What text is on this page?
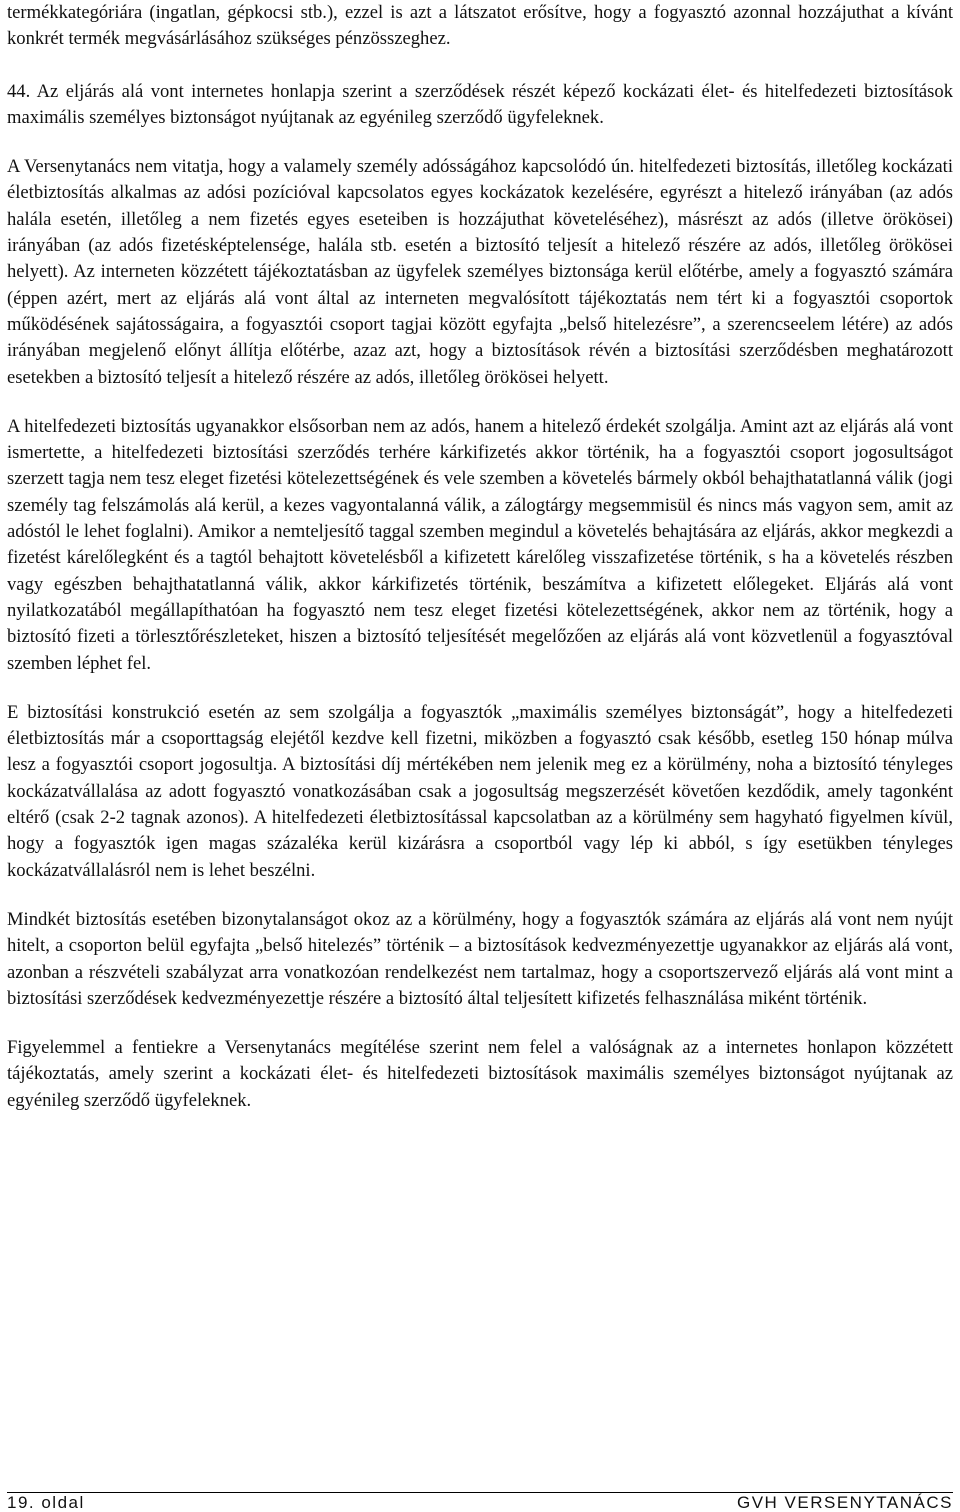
termékkategóriára (ingatlan, gépkocsi stb.), ezzel is azt a látszatot erősítve, hogy a fogyasztó azonnal hozzájuthat a kívánt konkrét termék megvásárlásához szükséges pénzösszeghez.

44. Az eljárás alá vont internetes honlapja szerint a szerződések részét képező kockázati élet- és hitelfedezeti biztosítások maximális személyes biztonságot nyújtanak az egyénileg szerződő ügyfeleknek.

A Versenytanács nem vitatja, hogy a valamely személy adósságához kapcsolódó ún. hitelfedezeti biztosítás, illetőleg kockázati életbiztosítás alkalmas az adósi pozícióval kapcsolatos egyes kockázatok kezelésére, egyrészt a hitelező irányában (az adós halála esetén, illetőleg a nem fizetés egyes eseteiben is hozzájuthat követeléséhez), másrészt az adós (illetve örökösei) irányában (az adós fizetésképtelensége, halála stb. esetén a biztosító teljesít a hitelező részére az adós, illetőleg örökösei helyett). Az interneten közzétett tájékoztatásban az ügyfelek személyes biztonsága kerül előtérbe, amely a fogyasztó számára (éppen azért, mert az eljárás alá vont által az interneten megvalósított tájékoztatás nem tért ki a fogyasztói csoportok működésének sajátosságaira, a fogyasztói csoport tagjai között egyfajta „belső hitelezésre”, a szerencseelem létére) az adós irányában megjelenő előnyt állítja előtérbe, azaz azt, hogy a biztosítások révén a biztosítási szerződésben meghatározott esetekben a biztosító teljesít a hitelező részére az adós, illetőleg örökösei helyett.

A hitelfedezeti biztosítás ugyanakkor elsősorban nem az adós, hanem a hitelező érdekét szolgálja. Amint azt az eljárás alá vont ismertette, a hitelfedezeti biztosítási szerződés terhére kárkifizetés akkor történik, ha a fogyasztói csoport jogosultságot szerzett tagja nem tesz eleget fizetési kötelezettségének és vele szemben a követelés bármely okból behajthatatlanná válik (jogi személy tag felszámolás alá kerül, a kezes vagyontalanná válik, a zálogtárgy megsemmisül és nincs más vagyon sem, amit az adóstól le lehet foglalni). Amikor a nemteljesítő taggal szemben megindul a követelés behajtására az eljárás, akkor megkezdi a fizetést kárelőlegként és a tagtól behajtott követelésből a kifizetett kárelőleg visszafizetése történik, s ha a követelés részben vagy egészben behajthatatlanná válik, akkor kárkifizetés történik, beszámítva a kifizetett előlegeket. Eljárás alá vont nyilatkozatából megállapíthatóan ha fogyasztó nem tesz eleget fizetési kötelezettségének, akkor nem az történik, hogy a biztosító fizeti a törlesztőrészleteket, hiszen a biztosító teljesítését megelőzően az eljárás alá vont közvetlenül a fogyasztóval szemben léphet fel.

E biztosítási konstrukció esetén az sem szolgálja a fogyasztók „maximális személyes biztonságát”, hogy a hitelfedezeti életbiztosítás már a csoporttagság elejétől kezdve kell fizetni, miközben a fogyasztó csak később, esetleg 150 hónap múlva lesz a fogyasztói csoport jogosultja. A biztosítási díj mértékében nem jelenik meg ez a körülmény, noha a biztosító tényleges kockázatvállalása az adott fogyasztó vonatkozásában csak a jogosultság megszerzését követően kezdődik, amely tagonként eltérő (csak 2-2 tagnak azonos). A hitelfedezeti életbiztosítással kapcsolatban az a körülmény sem hagyható figyelmen kívül, hogy a fogyasztók igen magas százaléka kerül kizárásra a csoportból vagy lép ki abból, s így esetükben tényleges kockázatvállalásról nem is lehet beszélni.

Mindkét biztosítás esetében bizonytalanságot okoz az a körülmény, hogy a fogyasztók számára az eljárás alá vont nem nyújt hitelt, a csoporton belül egyfajta „belső hitelezés” történik – a biztosítások kedvezményezettje ugyanakkor az eljárás alá vont, azonban a részvételi szabályzat arra vonatkozóan rendelkezést nem tartalmaz, hogy a csoportszervező eljárás alá vont mint a biztosítási szerződések kedvezményezettje részére a biztosító által teljesített kifizetés felhasználása miként történik.

Figyelemmel a fentiekre a Versenytanács megítélése szerint nem felel a valóságnak az a internetes honlapon közzétett tájékoztatás, amely szerint a kockázati élet- és hitelfedezeti biztosítások maximális személyes biztonságot nyújtanak az egyénileg szerződő ügyfeleknek.

19. oldal	GVH VERSENYTANÁCS
